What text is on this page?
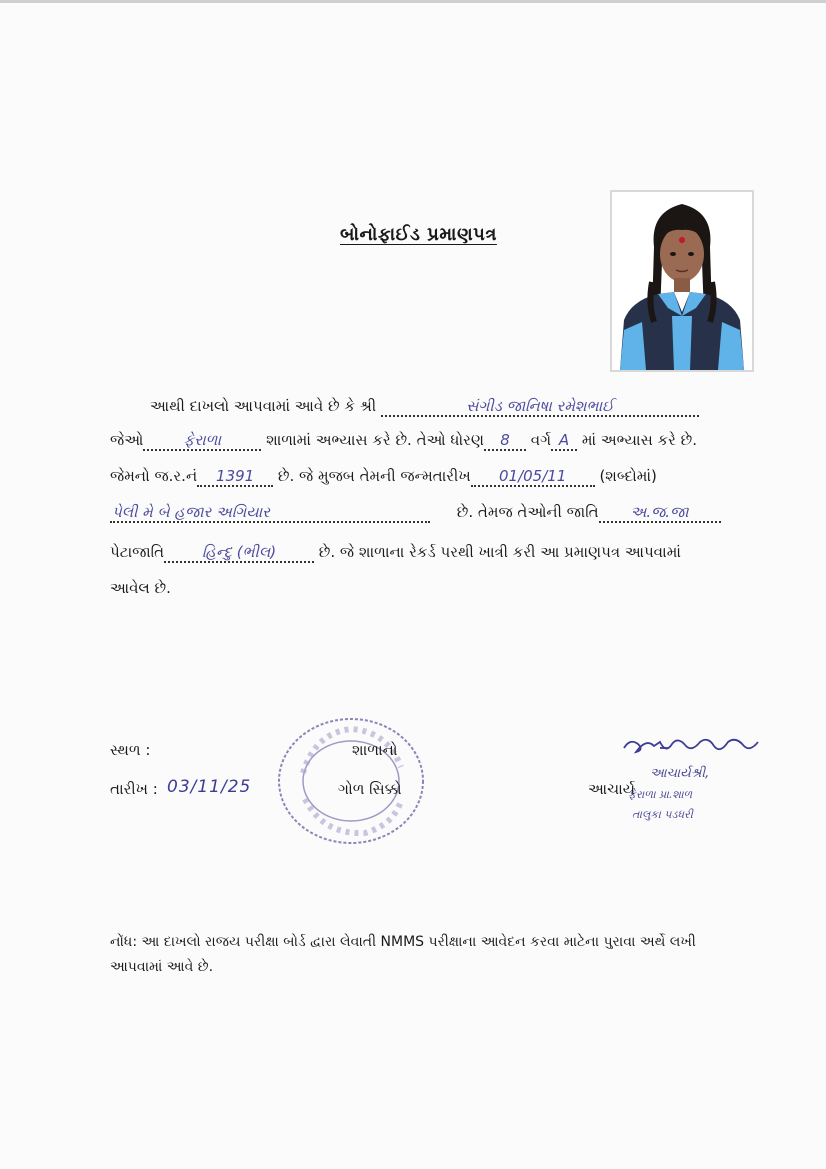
બોનોફાઈડ પ્રમાણપત્ર
આથી દાખલો આપવામાં આવે છે કે શ્રી	સંગીડ જાનિષા રમેશભાઈ
જેઓ	ફેરાળા	શાળામાં અભ્યાસ કરે છે. તેઓ ધોરણ 8 વર્ગ A માં અભ્યાસ કરે છે.
જેમનો જ.ર.નં 1391 છે. જે મુજબ તેમની જન્મતારીખ 01/05/11 (શબ્દોમાં)
પેલી મે બે હજાર અગિયાર	છે. તેમજ તેઓની જાતિ અ.જ.જા
પેટાજાતિ	હિન્દુ (ભીલ)	છે. જે શાળાના રેકર્ડ પરથી ખાત્રી કરી આ પ્રમાણપત્ર આપવામાં
આવેલ છે.
સ્થળ :	શાળાનો
તારીખ : 03/11/25	ગોળ સિક્કો	આચાર્ય
આચાર્યશ્રી,
ફેરાળા પ્રા.શાળ
તાલુકા પડધરી
નોંધ: આ દાખલો રાજય પરીક્ષા બોર્ડ દ્વારા લેવાતી NMMS પરીક્ષાના આવેદન કરવા માટેના પુરાવા અર્થે લખી આપવામાં આવે છે.
